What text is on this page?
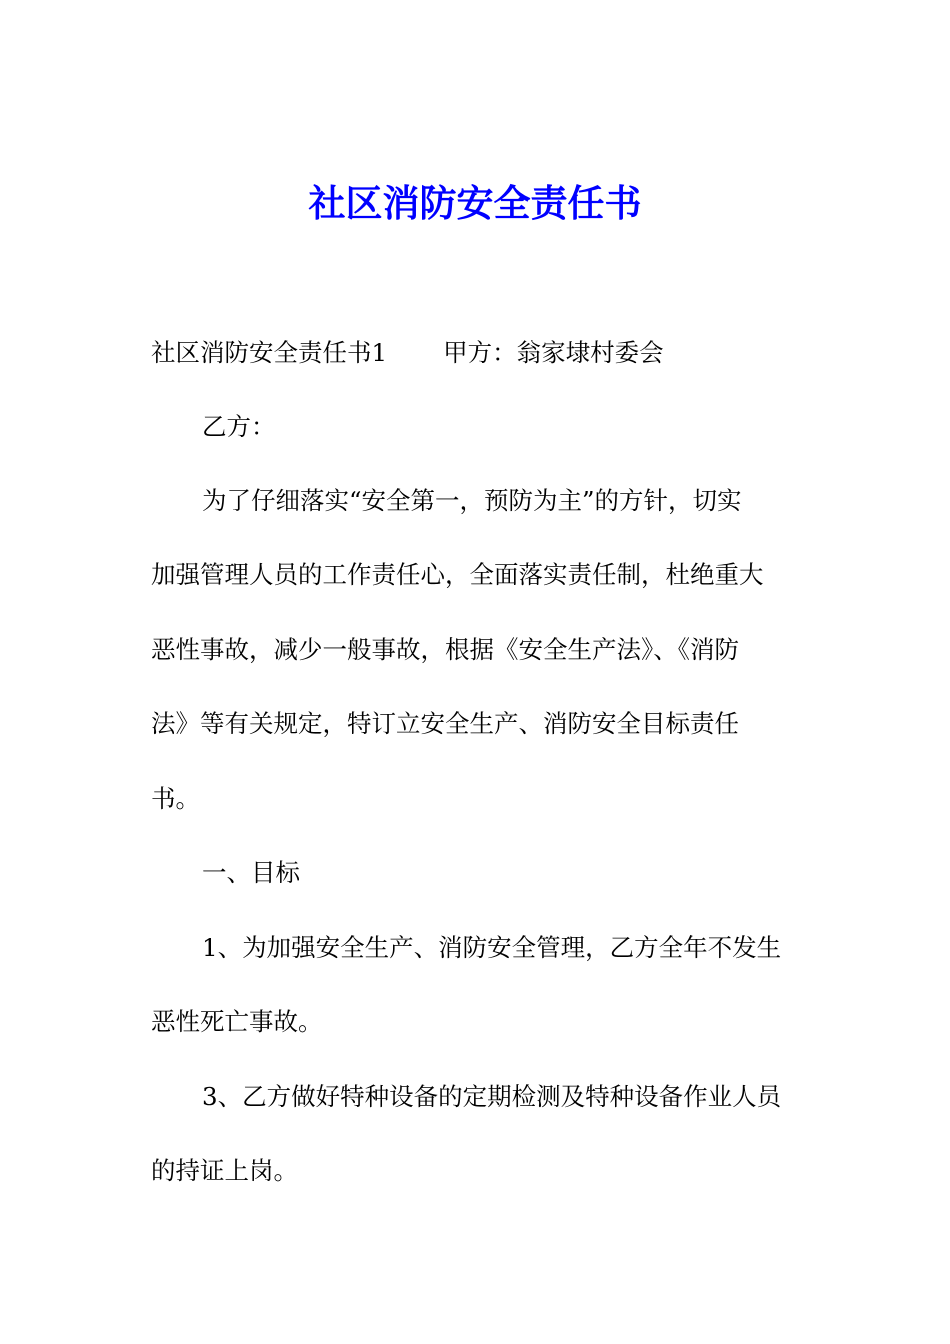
社区消防安全责任书

社区消防安全责任书1 甲方：翁家埭村委会

乙方：

为了仔细落实“安全第一，预防为主”的方针，切实

加强管理人员的工作责任心，全面落实责任制，杜绝重大

恶性事故，减少一般事故，根据《安全生产法》、《消防

法》等有关规定，特订立安全生产、消防安全目标责任

书。

一、目标

1、为加强安全生产、消防安全管理，乙方全年不发生

恶性死亡事故。

3、乙方做好特种设备的定期检测及特种设备作业人员

的持证上岗。
